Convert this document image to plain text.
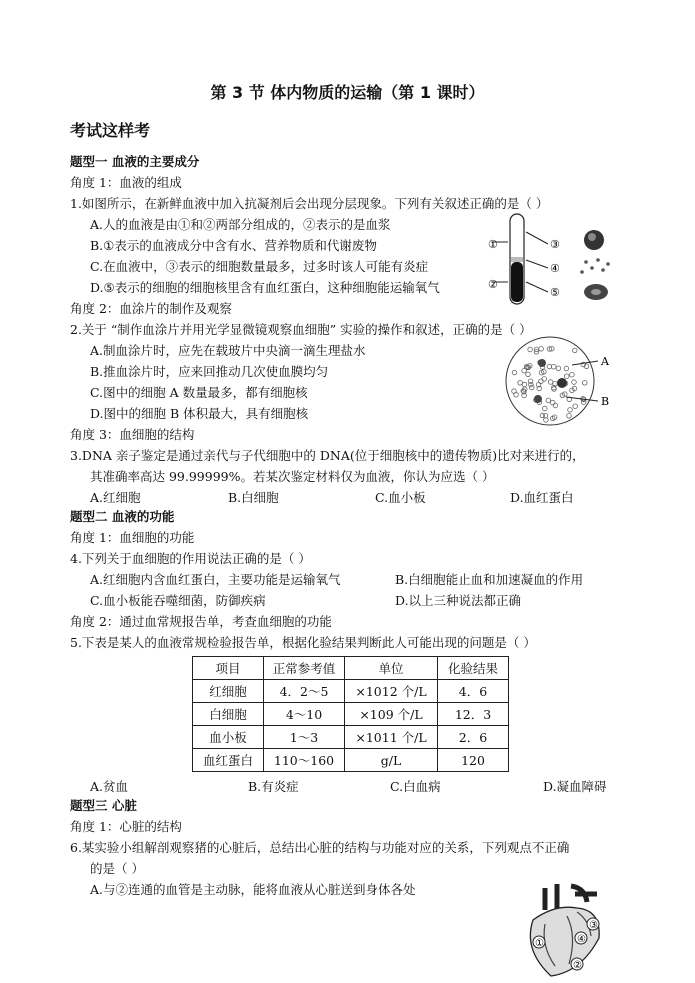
第 3 节 体内物质的运输（第 1 课时）
考试这样考
题型一 血液的主要成分
角度 1：血液的组成
1.如图所示，在新鲜血液中加入抗凝剂后会出现分层现象。下列有关叙述正确的是（ ）
A.人的血液是由①和②两部分组成的，②表示的是血浆
B.①表示的血液成分中含有水、营养物质和代谢废物
C.在血液中，③表示的细胞数量最多，过多时该人可能有炎症
D.⑤表示的细胞的细胞核里含有血红蛋白，这种细胞能运输氧气
①
②
③
④
⑤
角度 2：血涂片的制作及观察
2.关于 “制作血涂片并用光学显微镜观察血细胞” 实验的操作和叙述，正确的是（ ）
A.制血涂片时，应先在载玻片中央滴一滴生理盐水
B.推血涂片时，应来回推动几次使血膜均匀
C.图中的细胞 A 数量最多，都有细胞核
D.图中的细胞 B 体积最大，具有细胞核
A
B
角度 3：血细胞的结构
3.DNA 亲子鉴定是通过亲代与子代细胞中的 DNA(位于细胞核中的遗传物质)比对来进行的，
其准确率高达 99.99999%。若某次鉴定材料仅为血液，你认为应选（ ）
A.红细胞	B.白细胞	C.血小板	D.血红蛋白
题型二 血液的功能
角度 1：血细胞的功能
4.下列关于血细胞的作用说法正确的是（ ）
A.红细胞内含血红蛋白，主要功能是运输氧气	B.白细胞能止血和加速凝血的作用
C.血小板能吞噬细菌，防御疾病	D.以上三种说法都正确
角度 2：通过血常规报告单，考查血细胞的功能
5.下表是某人的血液常规检验报告单，根据化验结果判断此人可能出现的问题是（ ）
项目	正常参考值	单位	化验结果
红细胞	4．2～5	×1012 个/L	4．6
白细胞	4～10	×109 个/L	12．3
血小板	1～3	×1011 个/L	2．6
血红蛋白	110～160	g/L	120
A.贫血	B.有炎症	C.白血病	D.凝血障碍
题型三 心脏
角度 1：心脏的结构
6.某实验小组解剖观察猪的心脏后，总结出心脏的结构与功能对应的关系，下列观点不正确
的是（ ）
A.与②连通的血管是主动脉，能将血液从心脏送到身体各处
①
②
③
④
